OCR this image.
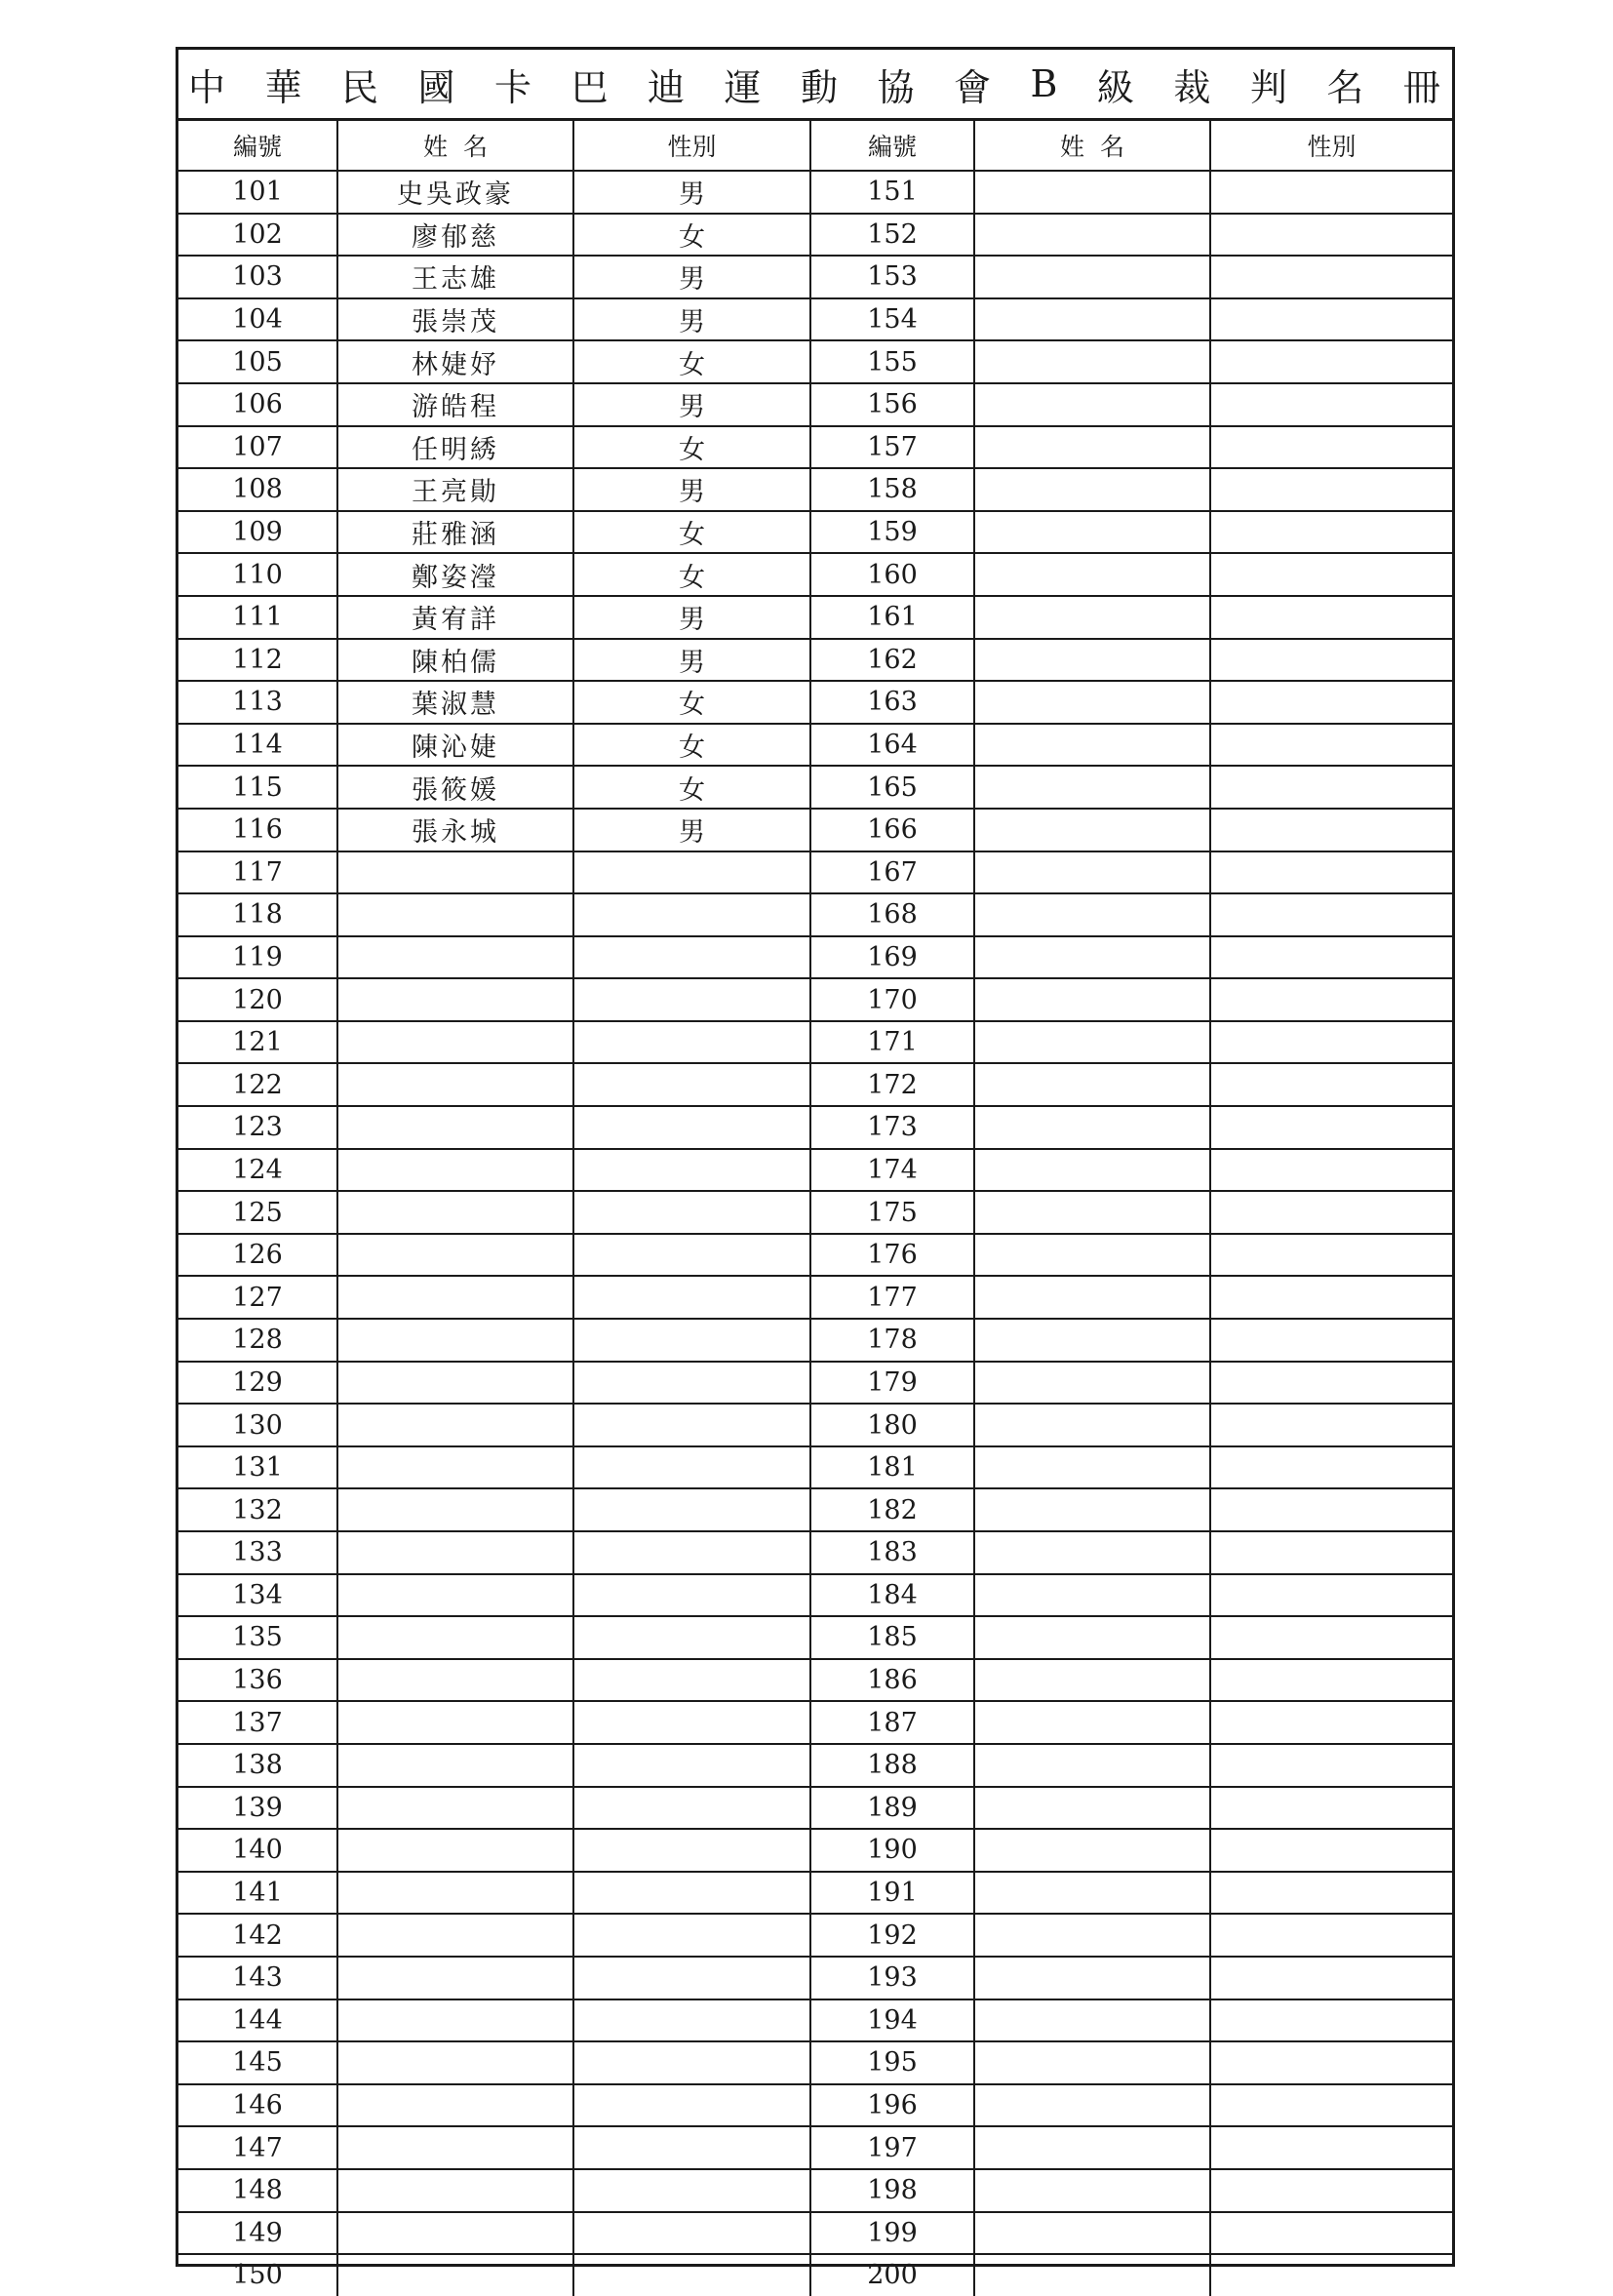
中 華 民 國 卡 巴 迪 運 動 協 會 B 級 裁 判 名 冊
編號	姓  名	性別	編號	姓  名	性別
101	史吳政豪	男	151		
102	廖郁慈	女	152		
103	王志雄	男	153		
104	張崇茂	男	154		
105	林婕妤	女	155		
106	游皓程	男	156		
107	任明綉	女	157		
108	王亮勛	男	158		
109	莊雅涵	女	159		
110	鄭姿瀅	女	160		
111	黃宥詳	男	161		
112	陳柏儒	男	162		
113	葉淑慧	女	163		
114	陳沁婕	女	164		
115	張筱媛	女	165		
116	張永城	男	166		
117			167		
118			168		
119			169		
120			170		
121			171		
122			172		
123			173		
124			174		
125			175		
126			176		
127			177		
128			178		
129			179		
130			180		
131			181		
132			182		
133			183		
134			184		
135			185		
136			186		
137			187		
138			188		
139			189		
140			190		
141			191		
142			192		
143			193		
144			194		
145			195		
146			196		
147			197		
148			198		
149			199		
150			200		
